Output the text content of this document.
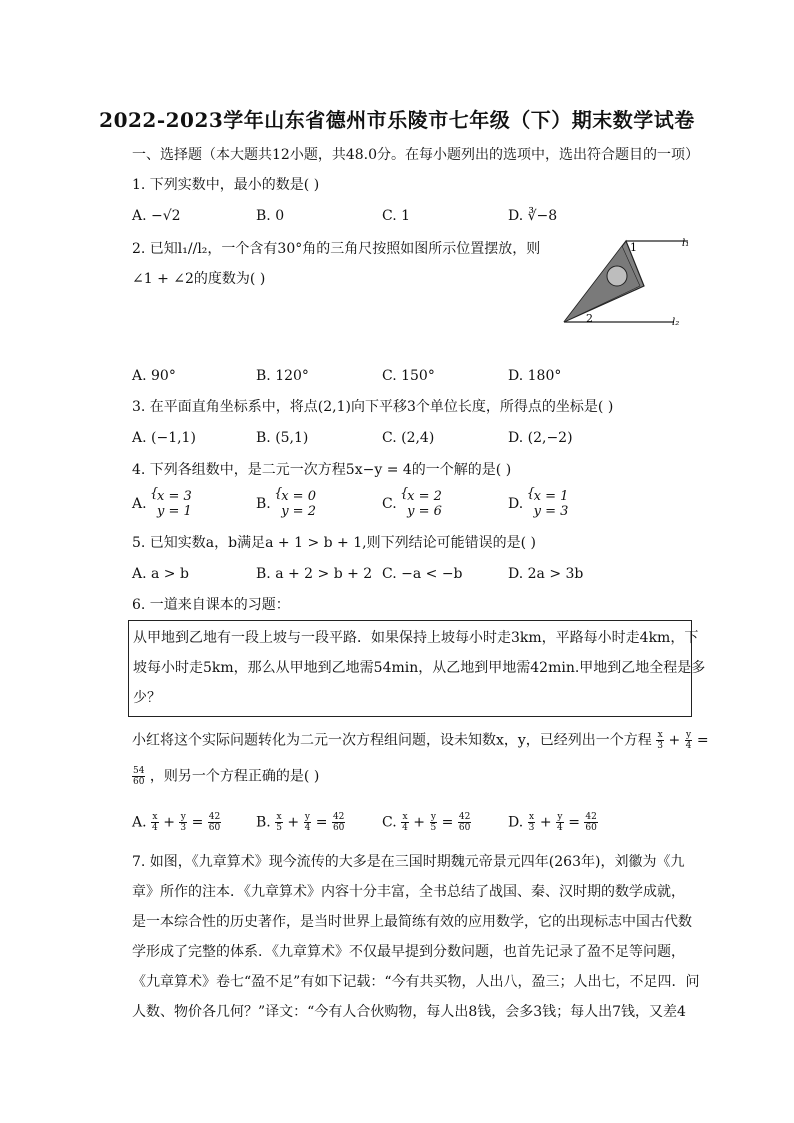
2022-2023学年山东省德州市乐陵市七年级（下）期末数学试卷
一、选择题（本大题共12小题，共48.0分。在每小题列出的选项中，选出符合题目的一项）
1. 下列实数中，最小的数是( )
A. −√2	B. 0	C. 1	D. ∛−8
2. 已知l₁//l₂，一个含有30°角的三角尺按照如图所示位置摆放，则
∠1 + ∠2的度数为( )
1
2
l₁
l₂
A. 90°	B. 120°	C. 150°	D. 180°
3. 在平面直角坐标系中，将点(2,1)向下平移3个单位长度，所得点的坐标是( )
A. (−1,1)	B. (5,1)	C. (2,4)	D. (2,−2)
4. 下列各组数中，是二元一次方程5x−y = 4的一个解的是( )
A.
{
x = 3
y = 1	B.
{
x = 0
y = 2	C.
{
x = 2
y = 6	D.
{
x = 1
y = 3
5. 已知实数a，b满足a + 1 > b + 1,则下列结论可能错误的是( )
A. a > b	B. a + 2 > b + 2 C. −a < −b	D. 2a > 3b
6. 一道来自课本的习题：
从甲地到乙地有一段上坡与一段平路．如果保持上坡每小时走3km，平路每小时走4km，下
坡每小时走5km，那么从甲地到乙地需54min，从乙地到甲地需42min.甲地到乙地全程是多
少？
小红将这个实际问题转化为二元一次方程组问题，设未知数x，y，已经列出一个方程 $\frac{x}{3} + \frac{y}{4}$ =
$\frac{54}{60}$ ，则另一个方程正确的是( )
A. $\frac{x}{4} + \frac{y}{3} = \frac{42}{60} B$. $\frac{x}{5} + \frac{y}{4} = \frac{42}{60}$	C. $\frac{x}{4} + \frac{y}{5} = \frac{42}{60}$	D. $\frac{x}{3} + \frac{y}{4} = \frac{42}{60}$
7. 如图，《九章算术》现今流传的大多是在三国时期魏元帝景元四年(263年)，刘徽为《九
章》所作的注本．《九章算术》内容十分丰富，全书总结了战国、秦、汉时期的数学成就，
是一本综合性的历史著作，是当时世界上最简练有效的应用数学，它的出现标志中国古代数
学形成了完整的体系．《九章算术》不仅最早提到分数问题，也首先记录了盈不足等问题，
《九章算术》卷七“盈不足”有如下记载：“今有共买物，人出八，盈三；人出七，不足四．问
人数、物价各几何？”译文：“今有人合伙购物，每人出8钱，会多3钱；每人出7钱，又差4
